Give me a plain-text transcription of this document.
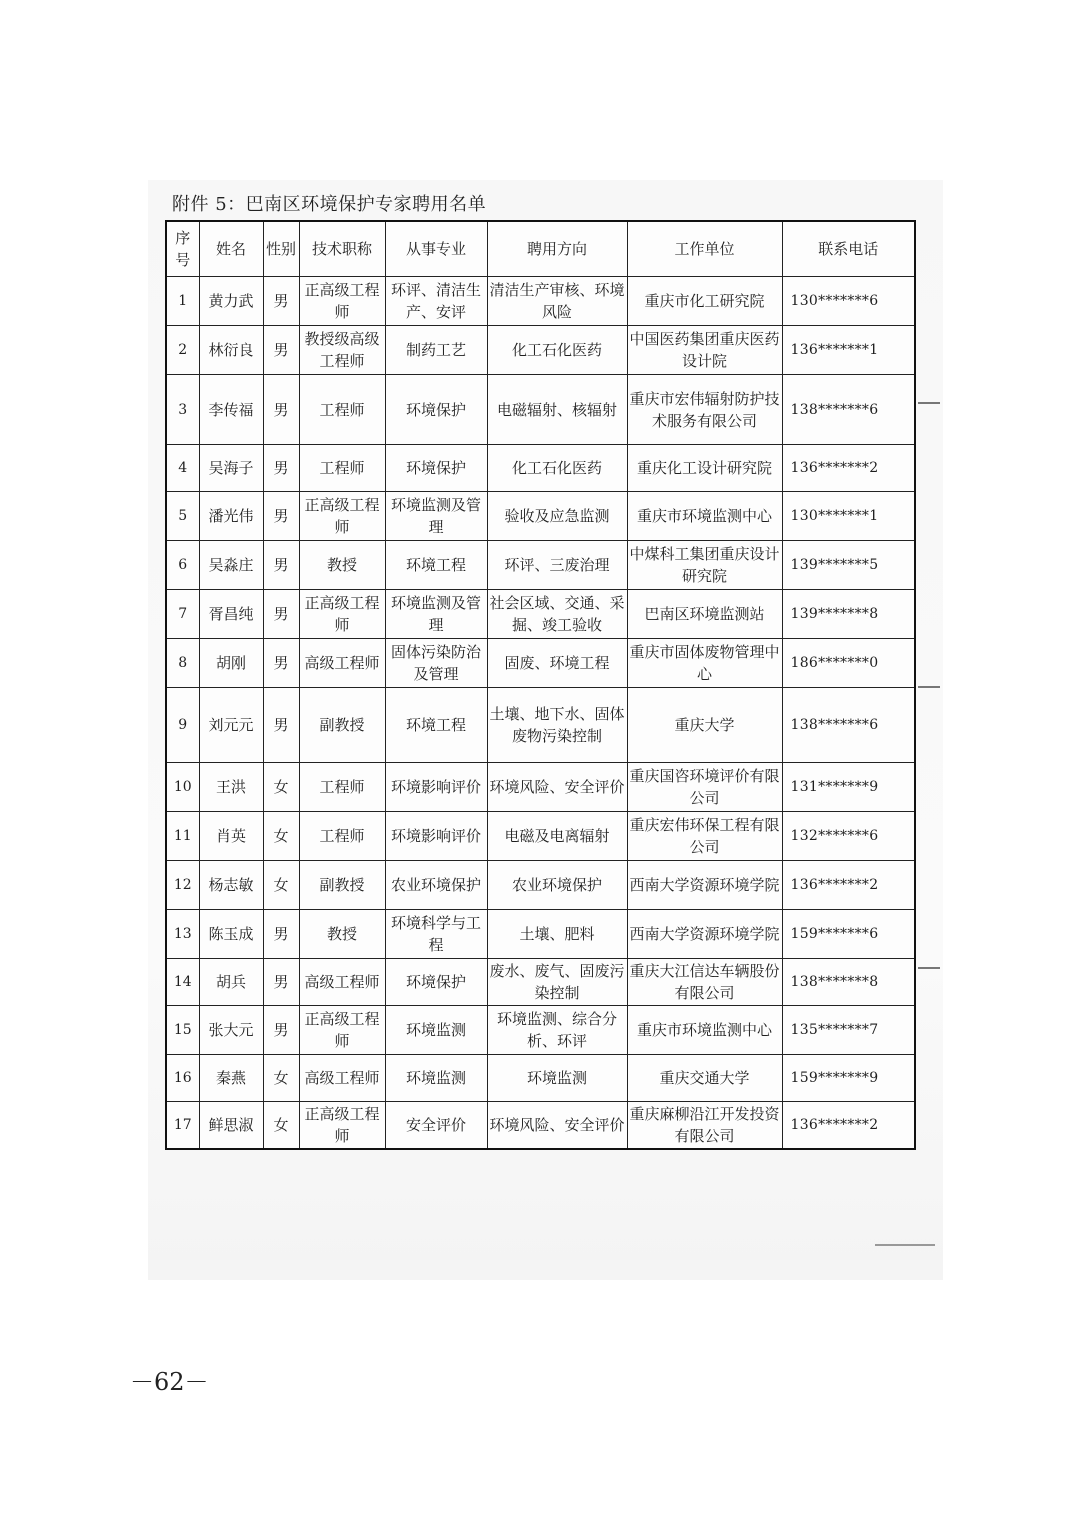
附件 5：巴南区环境保护专家聘用名单
序号	姓名	性别	技术职称	从事专业	聘用方向	工作单位	联系电话
1	黄力武	男	正高级工程师	环评、清洁生产、安评	清洁生产审核、环境风险	重庆市化工研究院	130*******6
2	林衍良	男	教授级高级工程师	制药工艺	化工石化医药	中国医药集团重庆医药设计院	136*******1
3	李传福	男	工程师	环境保护	电磁辐射、核辐射	重庆市宏伟辐射防护技术服务有限公司	138*******6
4	吴海子	男	工程师	环境保护	化工石化医药	重庆化工设计研究院	136*******2
5	潘光伟	男	正高级工程师	环境监测及管理	验收及应急监测	重庆市环境监测中心	130*******1
6	吴淼庄	男	教授	环境工程	环评、三废治理	中煤科工集团重庆设计研究院	139*******5
7	胥昌纯	男	正高级工程师	环境监测及管理	社会区域、交通、采掘、竣工验收	巴南区环境监测站	139*******8
8	胡刚	男	高级工程师	固体污染防治及管理	固废、环境工程	重庆市固体废物管理中心	186*******0
9	刘元元	男	副教授	环境工程	土壤、地下水、固体废物污染控制	重庆大学	138*******6
10	王洪	女	工程师	环境影响评价	环境风险、安全评价	重庆国咨环境评价有限公司	131*******9
11	肖英	女	工程师	环境影响评价	电磁及电离辐射	重庆宏伟环保工程有限公司	132*******6
12	杨志敏	女	副教授	农业环境保护	农业环境保护	西南大学资源环境学院	136*******2
13	陈玉成	男	教授	环境科学与工程	土壤、肥料	西南大学资源环境学院	159*******6
14	胡兵	男	高级工程师	环境保护	废水、废气、固废污染控制	重庆大江信达车辆股份有限公司	138*******8
15	张大元	男	正高级工程师	环境监测	环境监测、综合分析、环评	重庆市环境监测中心	135*******7
16	秦燕	女	高级工程师	环境监测	环境监测	重庆交通大学	159*******9
17	鲜思淑	女	正高级工程师	安全评价	环境风险、安全评价	重庆麻柳沿江开发投资有限公司	136*******2
－62－
